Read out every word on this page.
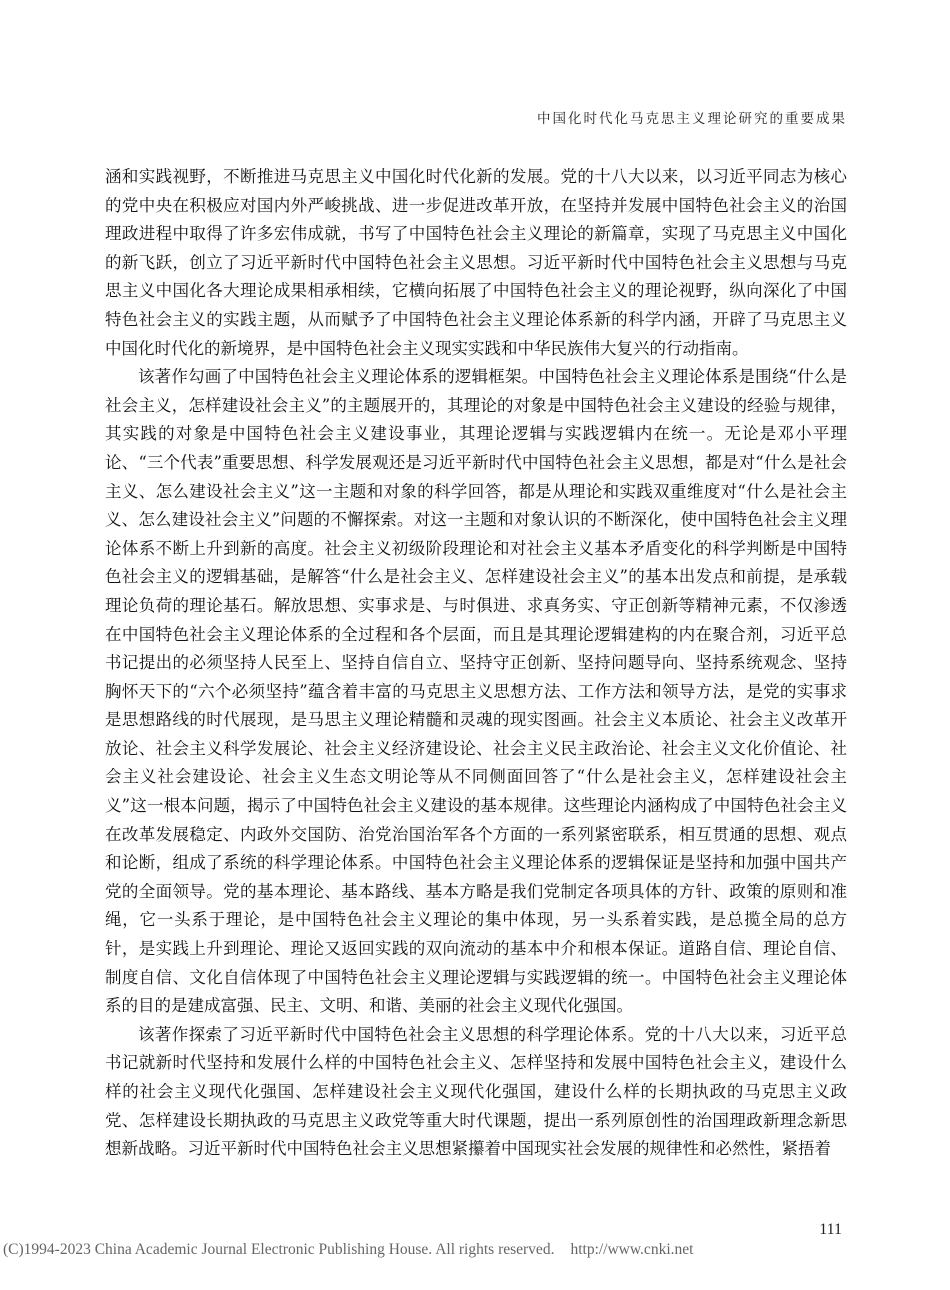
中国化时代化马克思主义理论研究的重要成果

涵和实践视野，不断推进马克思主义中国化时代化新的发展。党的十八大以来，以习近平同志为核心的党中央在积极应对国内外严峻挑战、进一步促进改革开放，在坚持并发展中国特色社会主义的治国理政进程中取得了许多宏伟成就，书写了中国特色社会主义理论的新篇章，实现了马克思主义中国化的新飞跃，创立了习近平新时代中国特色社会主义思想。习近平新时代中国特色社会主义思想与马克思主义中国化各大理论成果相承相续，它横向拓展了中国特色社会主义的理论视野，纵向深化了中国特色社会主义的实践主题，从而赋予了中国特色社会主义理论体系新的科学内涵，开辟了马克思主义中国化时代化的新境界，是中国特色社会主义现实实践和中华民族伟大复兴的行动指南。

该著作勾画了中国特色社会主义理论体系的逻辑框架。中国特色社会主义理论体系是围绕“什么是社会主义，怎样建设社会主义”的主题展开的，其理论的对象是中国特色社会主义建设的经验与规律，其实践的对象是中国特色社会主义建设事业，其理论逻辑与实践逻辑内在统一。无论是邓小平理论、“三个代表”重要思想、科学发展观还是习近平新时代中国特色社会主义思想，都是对“什么是社会主义、怎么建设社会主义”这一主题和对象的科学回答，都是从理论和实践双重维度对“什么是社会主义、怎么建设社会主义”问题的不懈探索。对这一主题和对象认识的不断深化，使中国特色社会主义理论体系不断上升到新的高度。社会主义初级阶段理论和对社会主义基本矛盾变化的科学判断是中国特色社会主义的逻辑基础，是解答“什么是社会主义、怎样建设社会主义”的基本出发点和前提，是承载理论负荷的理论基石。解放思想、实事求是、与时俱进、求真务实、守正创新等精神元素，不仅渗透在中国特色社会主义理论体系的全过程和各个层面，而且是其理论逻辑建构的内在聚合剂，习近平总书记提出的必须坚持人民至上、坚持自信自立、坚持守正创新、坚持问题导向、坚持系统观念、坚持胸怀天下的“六个必须坚持”蕴含着丰富的马克思主义思想方法、工作方法和领导方法，是党的实事求是思想路线的时代展现，是马思主义理论精髓和灵魂的现实图画。社会主义本质论、社会主义改革开放论、社会主义科学发展论、社会主义经济建设论、社会主义民主政治论、社会主义文化价值论、社会主义社会建设论、社会主义生态文明论等从不同侧面回答了“什么是社会主义，怎样建设社会主义”这一根本问题，揭示了中国特色社会主义建设的基本规律。这些理论内涵构成了中国特色社会主义在改革发展稳定、内政外交国防、治党治国治军各个方面的一系列紧密联系，相互贯通的思想、观点和论断，组成了系统的科学理论体系。中国特色社会主义理论体系的逻辑保证是坚持和加强中国共产党的全面领导。党的基本理论、基本路线、基本方略是我们党制定各项具体的方针、政策的原则和准绳，它一头系于理论，是中国特色社会主义理论的集中体现，另一头系着实践，是总揽全局的总方针，是实践上升到理论、理论又返回实践的双向流动的基本中介和根本保证。道路自信、理论自信、制度自信、文化自信体现了中国特色社会主义理论逻辑与实践逻辑的统一。中国特色社会主义理论体系的目的是建成富强、民主、文明、和谐、美丽的社会主义现代化强国。

该著作探索了习近平新时代中国特色社会主义思想的科学理论体系。党的十八大以来，习近平总书记就新时代坚持和发展什么样的中国特色社会主义、怎样坚持和发展中国特色社会主义，建设什么样的社会主义现代化强国、怎样建设社会主义现代化强国，建设什么样的长期执政的马克思主义政党、怎样建设长期执政的马克思主义政党等重大时代课题，提出一系列原创性的治国理政新理念新思想新战略。习近平新时代中国特色社会主义思想紧攥着中国现实社会发展的规律性和必然性，紧捂着

111
(C)1994-2023 China Academic Journal Electronic Publishing House. All rights reserved. http://www.cnki.net
